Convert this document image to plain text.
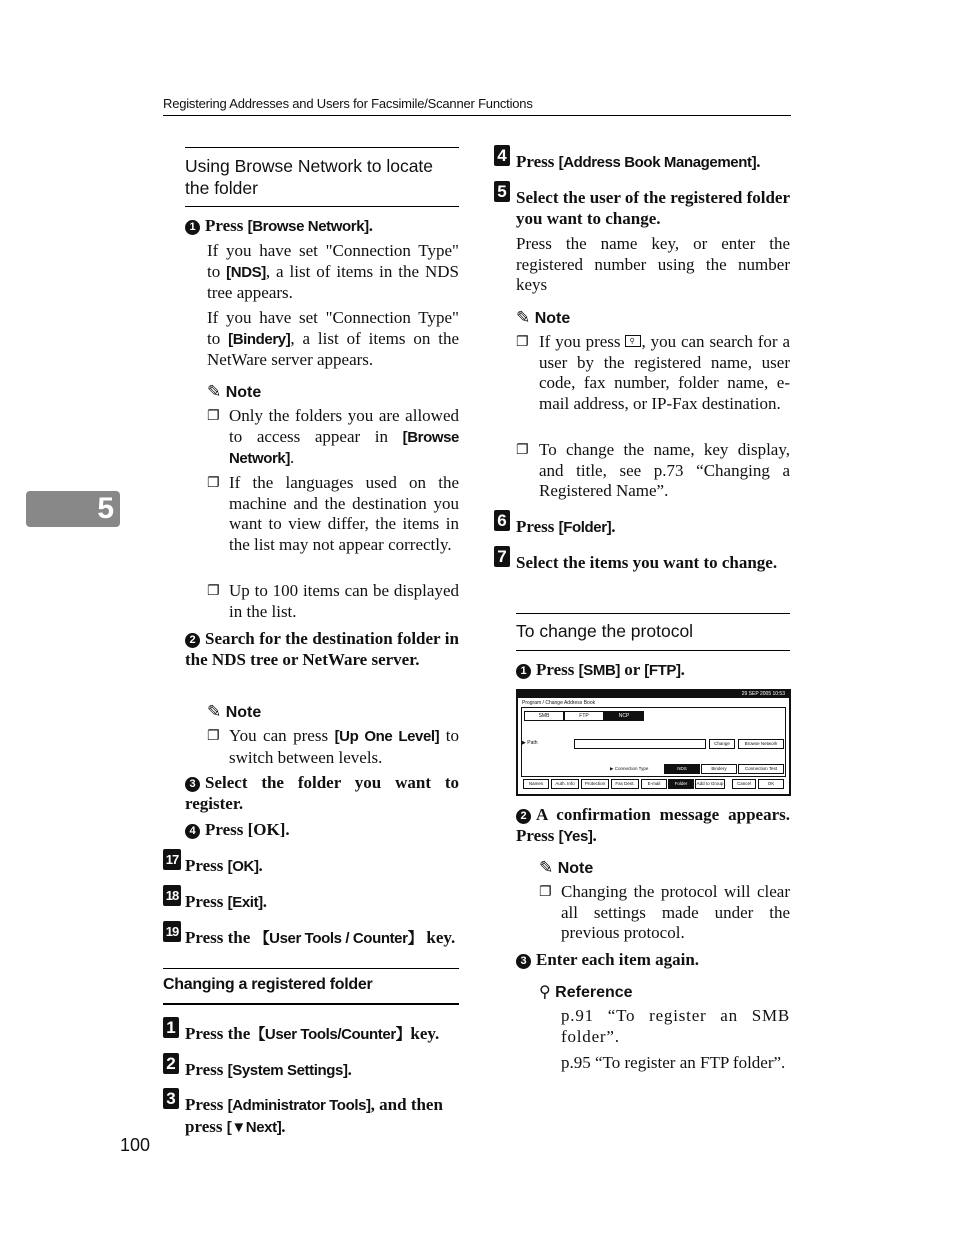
Registering Addresses and Users for Facsimile/Scanner Functions
5
Using Browse Network to locate the folder
1 Press [Browse Network].
If you have set "Connection Type" to [NDS], a list of items in the NDS tree appears.
If you have set "Connection Type" to [Bindery], a list of items on the NetWare server appears.
✎ Note
❐ Only the folders you are allowed to access appear in [Browse Network].
❐ If the languages used on the machine and the destination you want to view differ, the items in the list may not appear correctly.
❐ Up to 100 items can be displayed in the list.
2 Search for the destination folder in the NDS tree or NetWare server.
✎ Note
❐ You can press [Up One Level] to switch between levels.
3 Select the folder you want to register.
4 Press [OK].
17 Press [OK].
18 Press [Exit].
19 Press the 【User Tools / Counter】 key.
Changing a registered folder
1 Press the【User Tools/Counter】key.
2 Press [System Settings].
3 Press [Administrator Tools], and then press [▼Next].
100
4 Press [Address Book Management].
5 Select the user of the registered folder you want to change.
Press the name key, or enter the registered number using the number keys
✎ Note
❐ If you press ⚲ , you can search for a user by the registered name, user code, fax number, folder name, e-mail address, or IP-Fax destination.
❐ To change the name, key display, and title, see p.73 “Changing a Registered Name”.
6 Press [Folder].
7 Select the items you want to change.
To change the protocol
1 Press [SMB] or [FTP].
29 SEP 2005 10:53
Program / Change Address Book
SMB	FTP	NCP
▶ Path	Change	Browse Network
▶ Connection Type	NDS	Bindery	Connection Test
Names	Auth. Info	Protection	Fax Dest.	E-mail	Folder	Add to Group	Cancel	OK
2 A confirmation message appears. Press [Yes].
✎ Note
❐ Changing the protocol will clear all settings made under the previous protocol.
3 Enter each item again.
⚲ Reference
p.91 “To register an SMB folder”.
p.95 “To register an FTP folder”.
